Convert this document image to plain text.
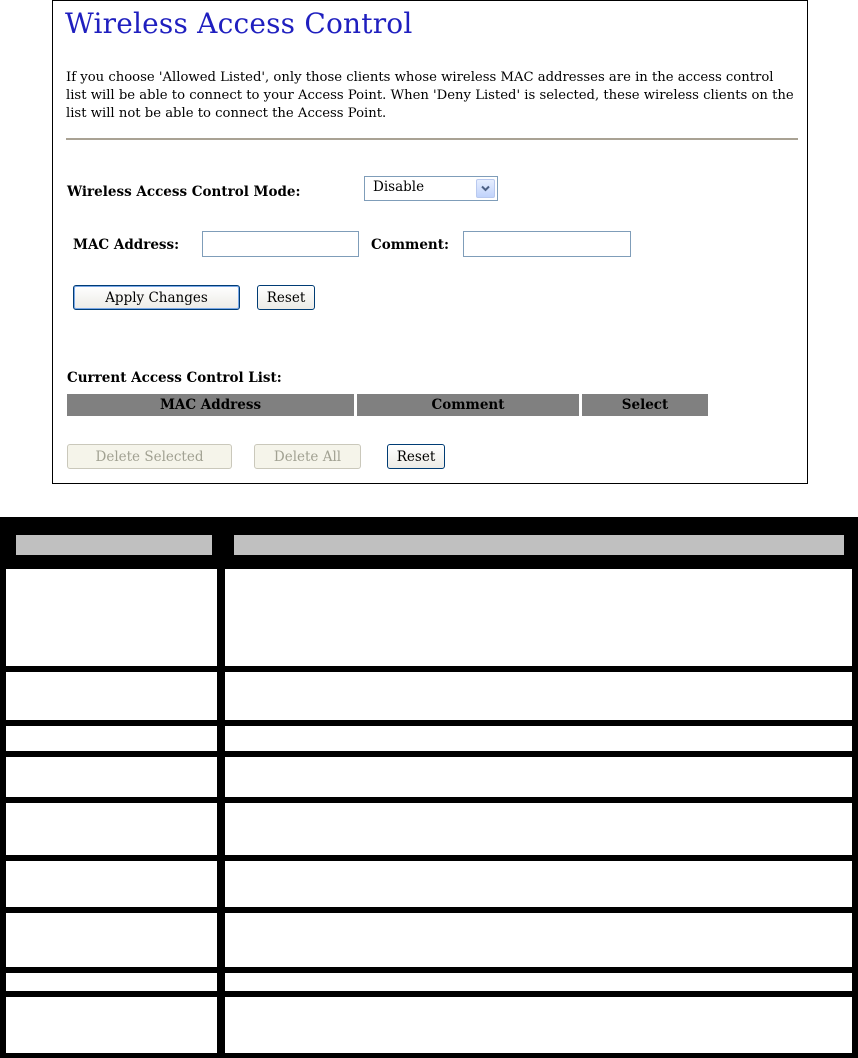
Wireless Access Control

If you choose 'Allowed Listed', only those clients whose wireless MAC addresses are in the access control list will be able to connect to your Access Point. When 'Deny Listed' is selected, these wireless clients on the list will not be able to connect the Access Point.

Wireless Access Control Mode:	Disable
MAC Address:	Comment:
Apply Changes	Reset
Current Access Control List:
MAC Address	Comment	Select
Delete Selected	Delete All	Reset
